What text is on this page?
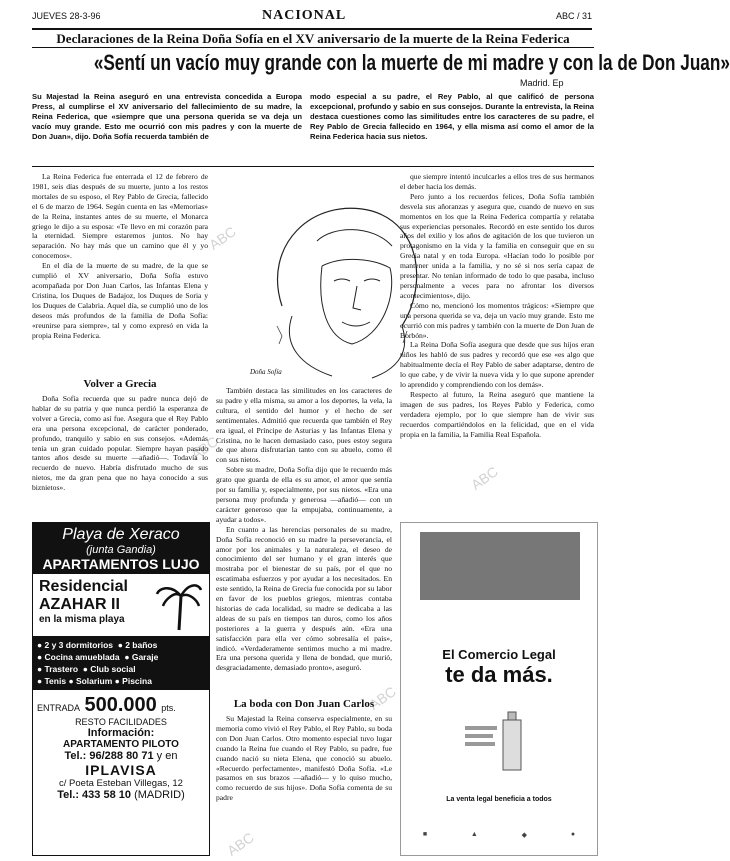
JUEVES 28-3-96	NACIONAL	ABC / 31
Declaraciones de la Reina Doña Sofía en el XV aniversario de la muerte de la Reina Federica
«Sentí un vacío muy grande con la muerte de mi madre y con la de Don Juan»
Madrid. Ep
Su Majestad la Reina aseguró en una entrevista concedida a Europa Press, al cumplirse el XV aniversario del fallecimiento de su madre, la Reina Federica, que «siempre que una persona querida se va deja un vacío muy grande. Esto me ocurrió con mis padres y con la muerte de Don Juan», dijo. Doña Sofía recuerda también de
modo especial a su padre, el Rey Pablo, al que calificó de persona excepcional, profundo y sabio en sus consejos. Durante la entrevista, la Reina destaca cuestiones como las similitudes entre los caracteres de su padre, el Rey Pablo de Grecia fallecido en 1964, y ella misma así como el amor de la Reina Federica hacia sus nietos.

La Reina Federica fue enterrada el 12 de febrero de 1981, seis días después de su muerte, junto a los restos mortales de su esposo, el Rey Pablo de Grecia, fallecido el 6 de marzo de 1964. Según cuenta en las «Memorias» de la Reina, instantes antes de su muerte, el Monarca griego le dijo a su esposa: «Te llevo en mi corazón para la eternidad. Siempre estaremos juntos. No hay separación. No hay más que un camino que él y yo conocemos».

En el día de la muerte de su madre, de la que se cumplió el XV aniversario, Doña Sofía estuvo acompañada por Don Juan Carlos, las Infantas Elena y Cristina, los Duques de Badajoz, los Duques de Soria y los Duques de Calabria. Aquel día, se cumplió uno de los deseos más profundos de la familia de Doña Sofía: «reunirse para siempre», tal y como expresó en vida la propia Reina Federica.

Volver a Grecia

Doña Sofía recuerda que su padre nunca dejó de hablar de su patria y que nunca perdió la esperanza de volver a Grecia, como así fue. Asegura que el Rey Pablo era una persona excepcional, de carácter ponderado, profundo, tranquilo y sabio en sus consejos. «Además tenía un gran cuidado popular. Siempre hayan pasado tantos años desde su muerte —añadió—. Todavía lo recuerdo de nuevo. Habría disfrutado mucho de sus nietos, me da gran pena que no haya conocido a sus biznietos».

Doña Sofía

También destaca las similitudes en los caracteres de su padre y ella misma, su amor a los deportes, la vela, la cultura, el sentido del humor y el hecho de ser sentimentales. Admitió que recuerda que también el Rey era igual, el Príncipe de Asturias y las Infantas Elena y Cristina, no le hacen demasiado caso, pues estoy segura de que ahora disfrutarían tanto con su abuelo, como él con sus nietos.

Sobre su madre, Doña Sofía dijo que le recuerdo más grato que guarda de ella es su amor, el amor que sentía por su familia y, especialmente, por sus nietos. «Era una persona muy profunda y generosa —añadió— con un carácter generoso que la empujaba, continuamente, a ayudar a todos».

En cuanto a las herencias personales de su madre, Doña Sofía reconoció en su madre la perseverancia, el amor por los animales y la naturaleza, el deseo de conocimiento del ser humano y el gran interés que mostraba por el bienestar de su país, por el que no escatimaba esfuerzos y por ayudar a los necesitados. En este sentido, la Reina de Grecia fue conocida por su labor en favor de los pueblos griegos, mientras contaba historias de cada localidad, su madre se dedicaba a las aldeas de su país en tiempos tan duros, como los años posteriores a la guerra y después aún. «Era una satisfacción para ella ver cómo sobresalía el país», indicó. «Verdaderamente sentimos mucho a mi madre. Era una persona querida y llena de bondad, que murió, desgraciadamente, demasiado pronto», aseguró.

La boda con Don Juan Carlos

Su Majestad la Reina conserva especialmente, en su memoria como vivió el Rey Pablo, el Rey Pablo, su boda con Don Juan Carlos. Otro momento especial tuvo lugar cuando la Reina fue cuando el Rey Pablo, su padre, fue cuando nació su nieta Elena, que conoció su abuelo. «Recuerdo perfectamente», manifestó Doña Sofía. «Le pasamos en sus brazos —añadió— y lo quiso mucho, como recuerdo de sus hijos». Doña Sofía comenta de su padre

que siempre intentó inculcarles a ellos tres de sus hermanos el deber hacia los demás.

Pero junto a los recuerdos felices, Doña Sofía también desvela sus añoranzas y asegura que, cuando de nuevo en sus momentos en los que la Reina Federica compartía y relataba sus experiencias personales. Recordó en este sentido los duros años del exilio y los años de agitación de los que tuvieron un protagonismo en la vida y la familia en conseguir que en su Grecia natal y en toda Europa. «Hacían todo lo posible por mantener unida a la familia, y no sé si nos sería capaz de presentar. No tenían informado de todo lo que pasaba, incluso personalmente a veces para no afrontar los diversos acontecimientos», dijo.

Cómo no, mencionó los momentos trágicos: «Siempre que una persona querida se va, deja un vacío muy grande. Esto me ocurrió con mis padres y también con la muerte de Don Juan de Borbón».

La Reina Doña Sofía asegura que desde que sus hijos eran niños les habló de sus padres y recordó que ese «es algo que habitualmente decía el Rey Pablo de saber adaptarse, dentro de lo que cabe, y de vivir la nueva vida y lo que supone aprender lo aprendido y comprendiendo con los demás».

Respecto al futuro, la Reina aseguró que mantiene la imagen de sus padres, los Reyes Pablo y Federica, como verdadera ejemplo, por lo que siempre han de vivir sus recuerdos compartiéndolos en la felicidad, que en el vida propia en la familia, la Familia Real Española.

Playa de Xeraco
(junta Gandia)
APARTAMENTOS LUJO
Residencial
AZAHAR II
en la misma playa
● 2 y 3 dormitorios  ● 2 baños
● Cocina amueblada  ● Garaje
● Trastero  ● Club social
● Tenis ● Solarium ● Piscina
ENTRADA 500.000 pts.
RESTO FACILIDADES
Información:
APARTAMENTO PILOTO
Tel.: 96/288 80 71 y en
IPLAVISA
c/ Poeta Esteban Villegas, 12
Tel.: 433 58 10 (MADRID)
El Comercio Legal
te da más.
La venta legal beneficia a todos
■	▲	◆	●
ABC
ABC
ABC
ABC
ABC
